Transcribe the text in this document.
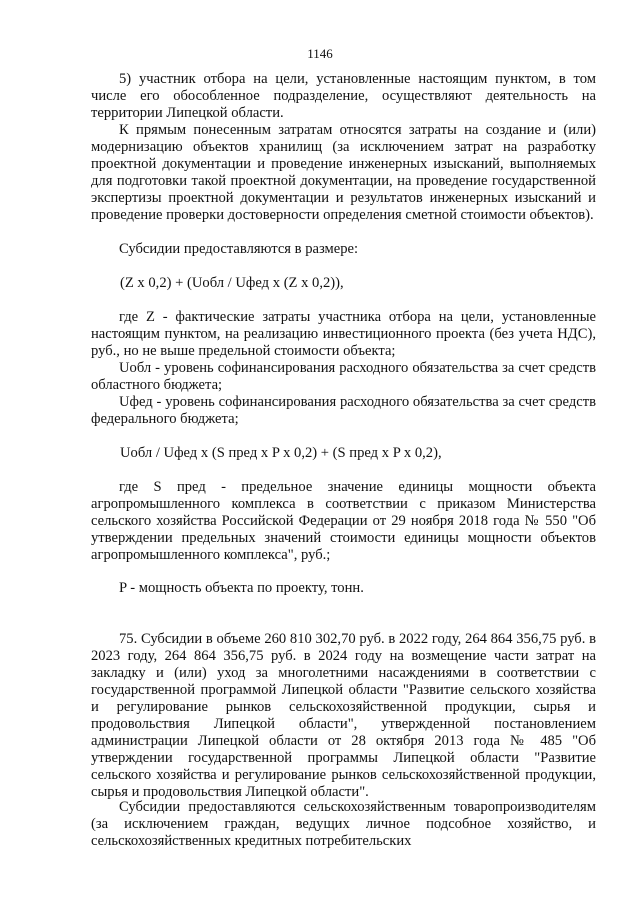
1146

5) участник отбора на цели, установленные настоящим пунктом, в том числе его обособленное подразделение, осуществляют деятельность на территории Липецкой области.

К прямым понесенным затратам относятся затраты на создание и (или) модернизацию объектов хранилищ (за исключением затрат на разработку проектной документации и проведение инженерных изысканий, выполняемых для подготовки такой проектной документации, на проведение государственной экспертизы проектной документации и результатов инженерных изысканий и проведение проверки достоверности определения сметной стоимости объектов).

Субсидии предоставляются в размере:

(Z х 0,2) + (Uобл / Uфед х (Z х 0,2)),

где Z - фактические затраты участника отбора на цели, установленные настоящим пунктом, на реализацию инвестиционного проекта (без учета НДС), руб., но не выше предельной стоимости объекта;

Uобл - уровень софинансирования расходного обязательства за счет средств областного бюджета;

Uфед - уровень софинансирования расходного обязательства за счет средств федерального бюджета;

Uобл / Uфед х (S пред х P х 0,2) + (S пред х P х 0,2),

где S пред - предельное значение единицы мощности объекта агропромышленного комплекса в соответствии с приказом Министерства сельского хозяйства Российской Федерации от 29 ноября 2018 года № 550 "Об утверждении предельных значений стоимости единицы мощности объектов агропромышленного комплекса", руб.;

P - мощность объекта по проекту, тонн.

75. Субсидии в объеме 260 810 302,70 руб. в 2022 году, 264 864 356,75 руб. в 2023 году, 264 864 356,75 руб. в 2024 году на возмещение части затрат на закладку и (или) уход за многолетними насаждениями в соответствии с государственной программой Липецкой области "Развитие сельского хозяйства и регулирование рынков сельскохозяйственной продукции, сырья и продовольствия Липецкой области", утвержденной постановлением администрации Липецкой области от 28 октября 2013 года № 485 "Об утверждении государственной программы Липецкой области "Развитие сельского хозяйства и регулирование рынков сельскохозяйственной продукции, сырья и продовольствия Липецкой области".

Субсидии предоставляются сельскохозяйственным товаропроизводителям (за исключением граждан, ведущих личное подсобное хозяйство, и сельскохозяйственных кредитных потребительских
